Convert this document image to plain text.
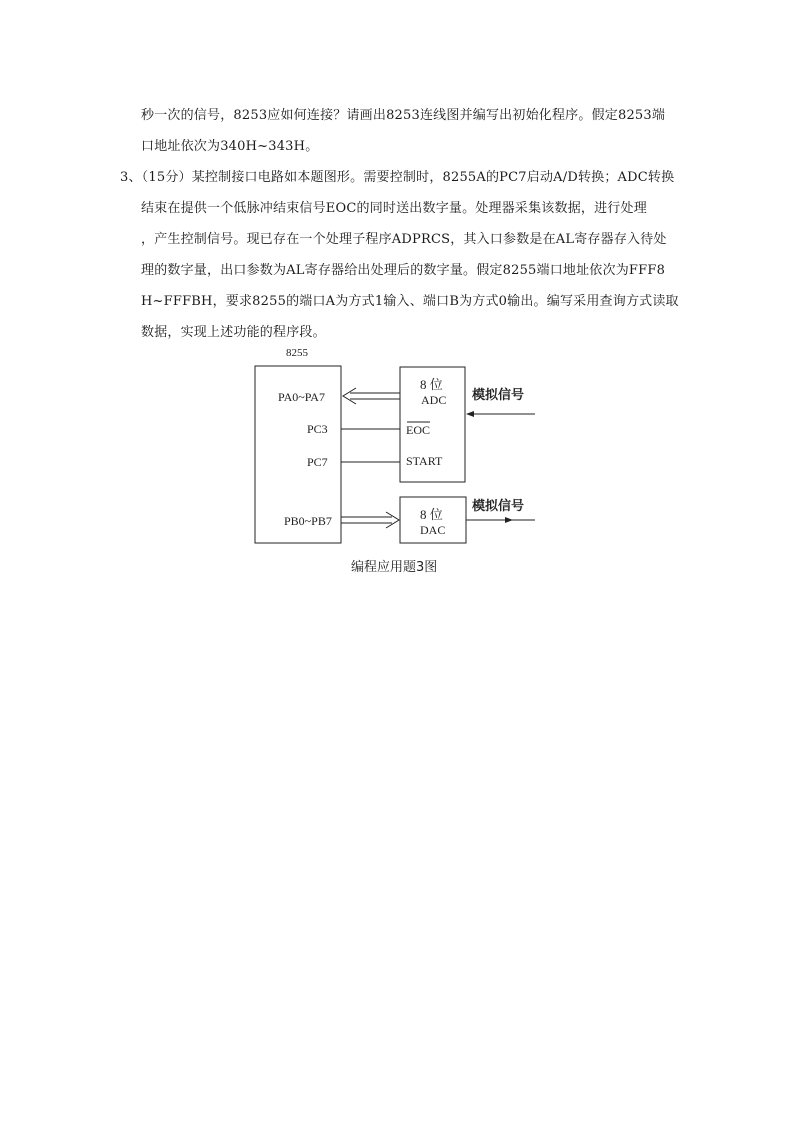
秒一次的信号，8253应如何连接？请画出8253连线图并编写出初始化程序。假定8253端
口地址依次为340H~343H。
3、（15分）某控制接口电路如本题图形。需要控制时，8255A的PC7启动A/D转换；ADC转换
结束在提供一个低脉冲结束信号EOC的同时送出数字量。处理器采集该数据，进行处理
，产生控制信号。现已存在一个处理子程序ADPRCS，其入口参数是在AL寄存器存入待处
理的数字量，出口参数为AL寄存器给出处理后的数字量。假定8255端口地址依次为FFF8
H~FFFBH，要求8255的端口A为方式1输入、端口B为方式0输出。编写采用查询方式读取
数据，实现上述功能的程序段。
8255
PA0~PA7
PC3
PC7
PB0~PB7
8 位
ADC
EOC
START
模拟信号
8 位
DAC
模拟信号
编程应用题3图
